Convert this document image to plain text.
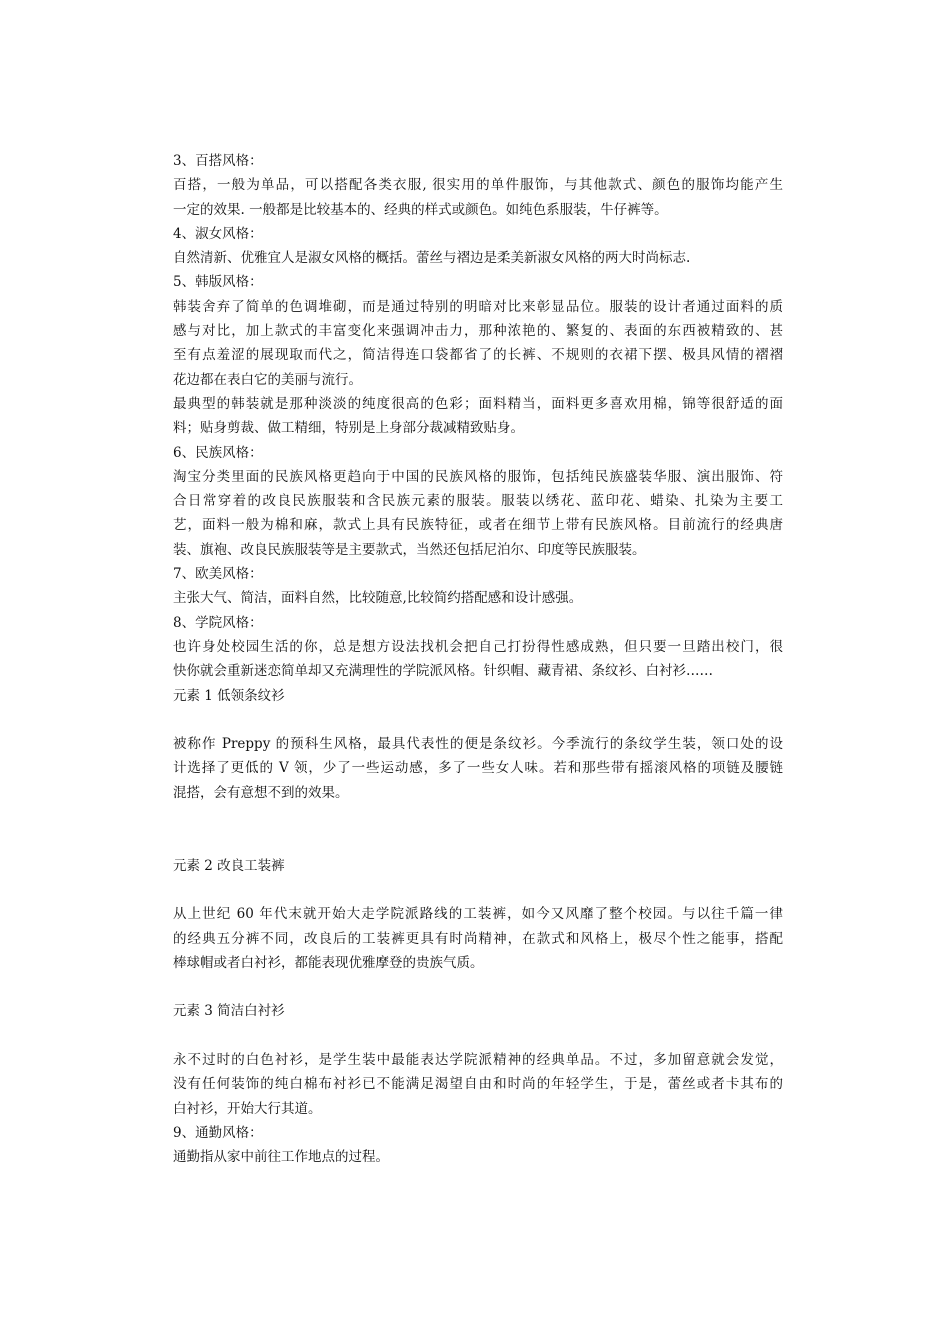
3、百搭风格：
百搭，一般为单品，可以搭配各类衣服, 很实用的单件服饰，与其他款式、颜色的服饰均能产生
一定的效果. 一般都是比较基本的、经典的样式或颜色。如纯色系服装，牛仔裤等。
4、淑女风格：
自然清新、优雅宜人是淑女风格的概括。蕾丝与褶边是柔美新淑女风格的两大时尚标志.
5、韩版风格：
韩装舍弃了简单的色调堆砌，而是通过特别的明暗对比来彰显品位。服装的设计者通过面料的质
感与对比，加上款式的丰富变化来强调冲击力，那种浓艳的、繁复的、表面的东西被精致的、甚
至有点羞涩的展现取而代之，简洁得连口袋都省了的长裤、不规则的衣裙下摆、极具风情的褶褶
花边都在表白它的美丽与流行。
最典型的韩装就是那种淡淡的纯度很高的色彩；面料精当，面料更多喜欢用棉，锦等很舒适的面
料；贴身剪裁、做工精细，特别是上身部分裁减精致贴身。
6、民族风格：
淘宝分类里面的民族风格更趋向于中国的民族风格的服饰，包括纯民族盛装华服、演出服饰、符
合日常穿着的改良民族服装和含民族元素的服装。服装以绣花、蓝印花、蜡染、扎染为主要工
艺，面料一般为棉和麻，款式上具有民族特征，或者在细节上带有民族风格。目前流行的经典唐
装、旗袍、改良民族服装等是主要款式，当然还包括尼泊尔、印度等民族服装。
7、欧美风格：
主张大气、简洁，面料自然，比较随意,比较简约搭配感和设计感强。
8、学院风格：
也许身处校园生活的你，总是想方设法找机会把自己打扮得性感成熟，但只要一旦踏出校门，很
快你就会重新迷恋简单却又充满理性的学院派风格。针织帽、藏青裙、条纹衫、白衬衫……
元素 1 低领条纹衫
被称作 Preppy 的预科生风格，最具代表性的便是条纹衫。今季流行的条纹学生装，领口处的设
计选择了更低的 V 领，少了一些运动感，多了一些女人味。若和那些带有摇滚风格的项链及腰链
混搭，会有意想不到的效果。
元素 2 改良工装裤
从上世纪 60 年代末就开始大走学院派路线的工装裤，如今又风靡了整个校园。与以往千篇一律
的经典五分裤不同，改良后的工装裤更具有时尚精神，在款式和风格上，极尽个性之能事，搭配
棒球帽或者白衬衫，都能表现优雅摩登的贵族气质。
元素 3 简洁白衬衫
永不过时的白色衬衫，是学生装中最能表达学院派精神的经典单品。不过，多加留意就会发觉，
没有任何装饰的纯白棉布衬衫已不能满足渴望自由和时尚的年轻学生，于是，蕾丝或者卡其布的
白衬衫，开始大行其道。
9、通勤风格：
通勤指从家中前往工作地点的过程。
